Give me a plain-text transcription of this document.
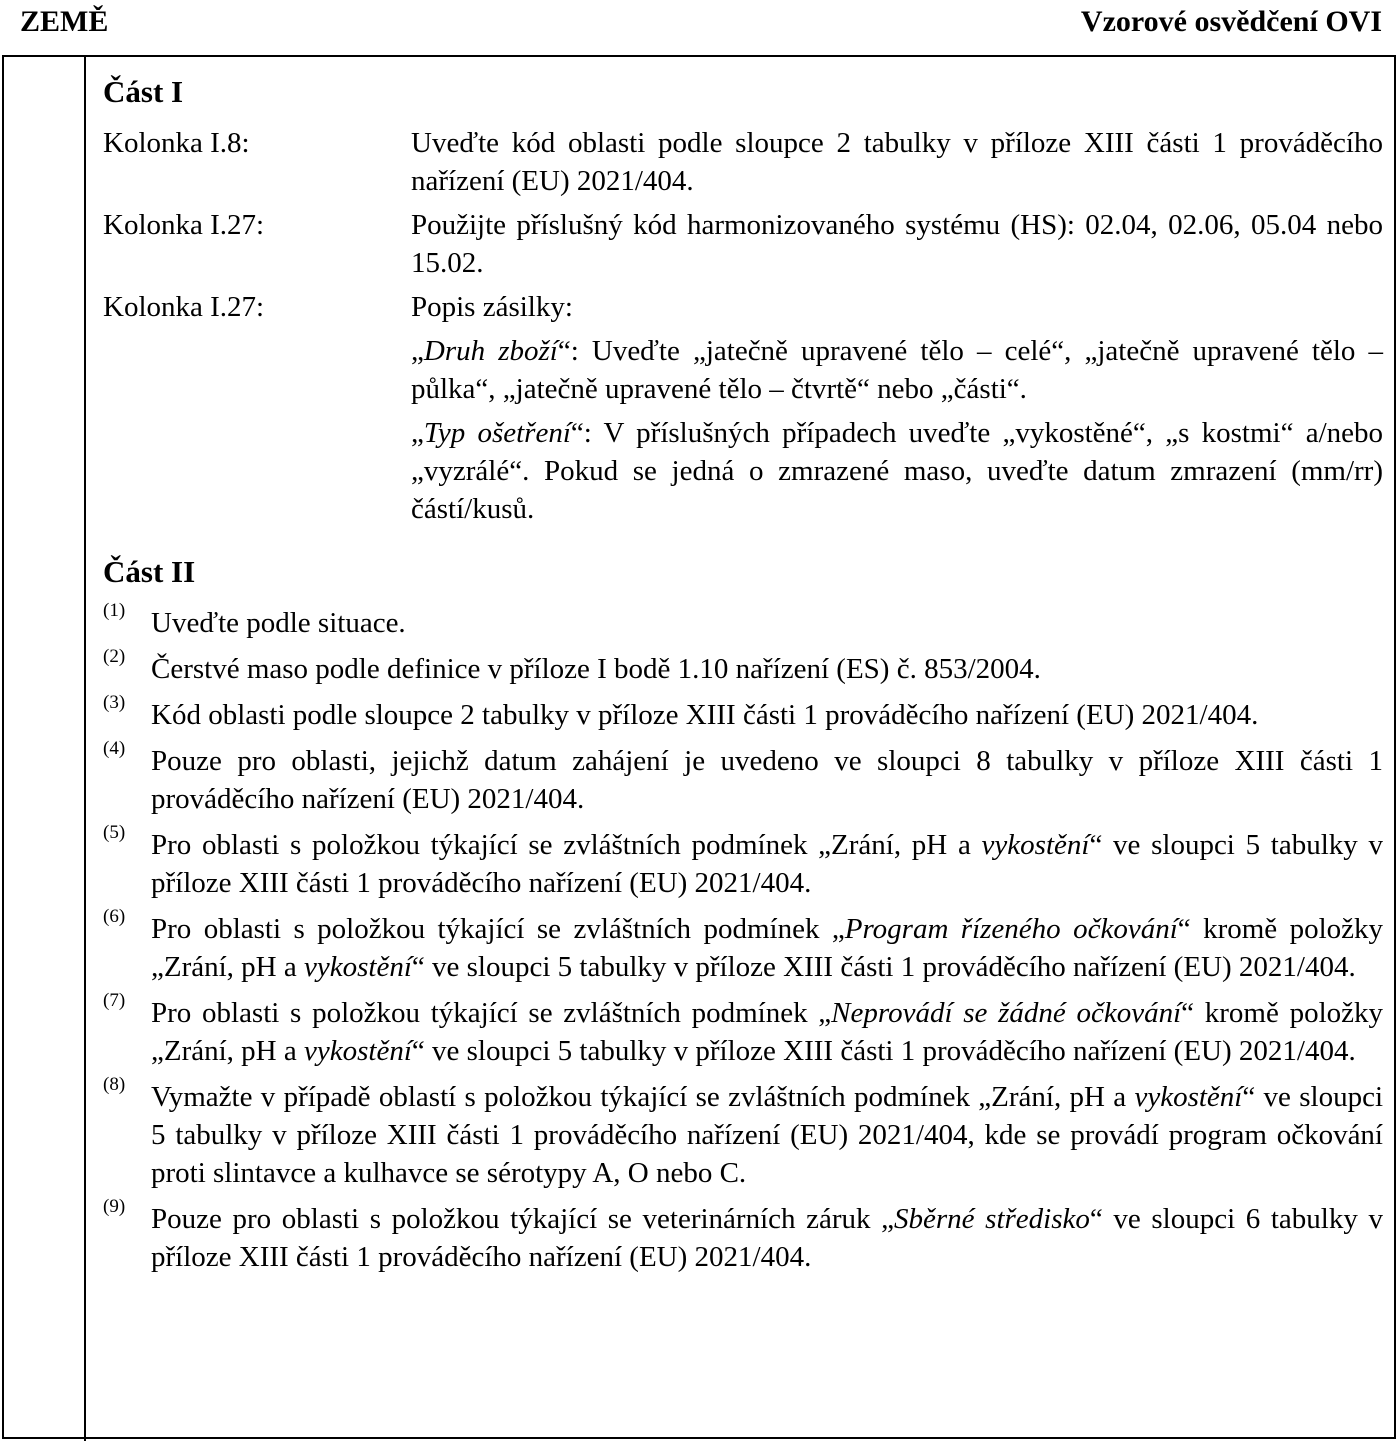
ZEMĚ	Vzorové osvědčení OVI
Část I
Kolonka I.8:	Uveďte kód oblasti podle sloupce 2 tabulky v příloze XIII části 1 prováděcího nařízení (EU) 2021/404.
Kolonka I.27:	Použijte příslušný kód harmonizovaného systému (HS): 02.04, 02.06, 05.04 nebo 15.02.
Kolonka I.27:	Popis zásilky:
„Druh zboží“: Uveďte „jatečně upravené tělo – celé“, „jatečně upravené tělo – půlka“, „jatečně upravené tělo – čtvrtě“ nebo „části“.
„Typ ošetření“: V příslušných případech uveďte „vykostěné“, „s kostmi“ a/nebo „vyzrálé“. Pokud se jedná o zmrazené maso, uveďte datum zmrazení (mm/rr) částí/kusů.
Část II
(1) Uveďte podle situace.
(2) Čerstvé maso podle definice v příloze I bodě 1.10 nařízení (ES) č. 853/2004.
(3) Kód oblasti podle sloupce 2 tabulky v příloze XIII části 1 prováděcího nařízení (EU) 2021/404.
(4) Pouze pro oblasti, jejichž datum zahájení je uvedeno ve sloupci 8 tabulky v příloze XIII části 1 prováděcího nařízení (EU) 2021/404.
(5) Pro oblasti s položkou týkající se zvláštních podmínek „Zrání, pH a vykostění“ ve sloupci 5 tabulky v příloze XIII části 1 prováděcího nařízení (EU) 2021/404.
(6) Pro oblasti s položkou týkající se zvláštních podmínek „Program řízeného očkování“ kromě položky „Zrání, pH a vykostění“ ve sloupci 5 tabulky v příloze XIII části 1 prováděcího nařízení (EU) 2021/404.
(7) Pro oblasti s položkou týkající se zvláštních podmínek „Neprovádí se žádné očkování“ kromě položky „Zrání, pH a vykostění“ ve sloupci 5 tabulky v příloze XIII části 1 prováděcího nařízení (EU) 2021/404.
(8) Vymažte v případě oblastí s položkou týkající se zvláštních podmínek „Zrání, pH a vykostění“ ve sloupci 5 tabulky v příloze XIII části 1 prováděcího nařízení (EU) 2021/404, kde se provádí program očkování proti slintavce a kulhavce se sérotypy A, O nebo C.
(9) Pouze pro oblasti s položkou týkající se veterinárních záruk „Sběrné středisko“ ve sloupci 6 tabulky v příloze XIII části 1 prováděcího nařízení (EU) 2021/404.
